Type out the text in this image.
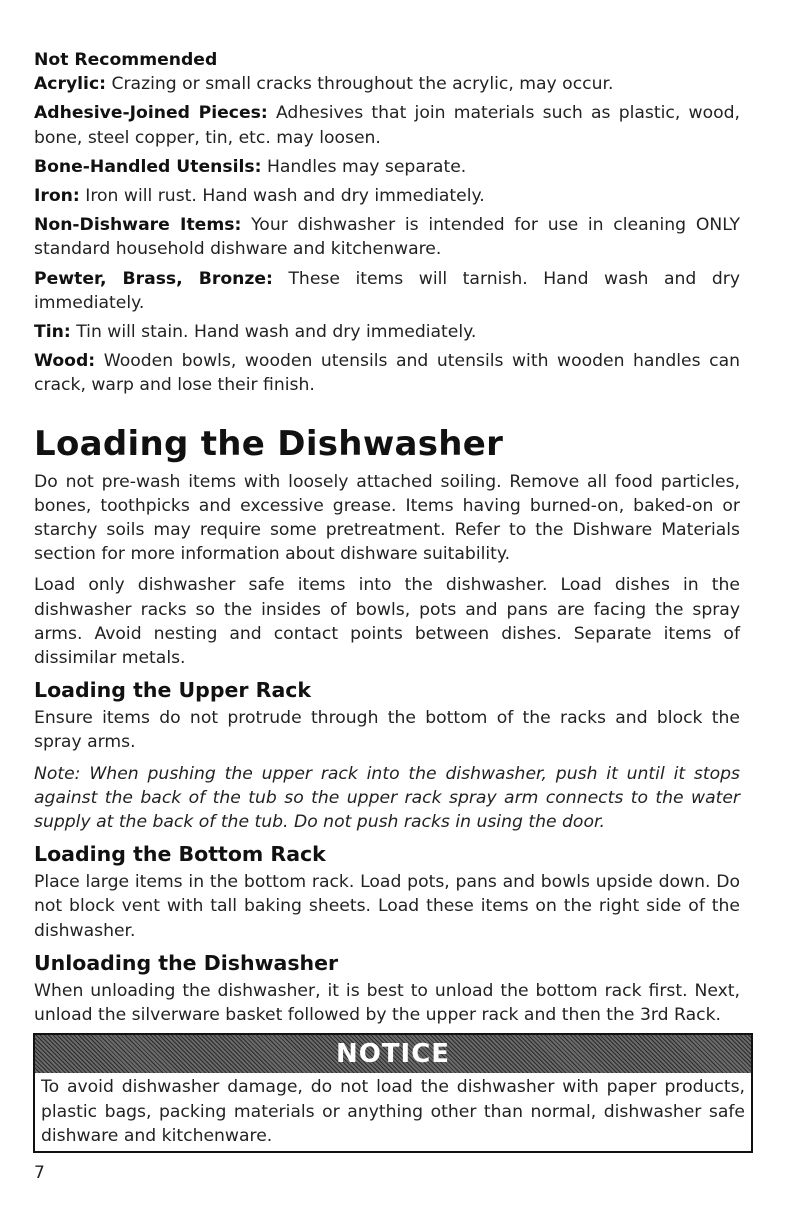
Not Recommended

Acrylic: Crazing or small cracks throughout the acrylic, may occur.

Adhesive-Joined Pieces: Adhesives that join materials such as plastic, wood, bone, steel copper, tin, etc. may loosen.

Bone-Handled Utensils: Handles may separate.

Iron: Iron will rust. Hand wash and dry immediately.

Non-Dishware Items: Your dishwasher is intended for use in cleaning ONLY standard household dishware and kitchenware.

Pewter, Brass, Bronze: These items will tarnish. Hand wash and dry immediately.

Tin: Tin will stain. Hand wash and dry immediately.

Wood: Wooden bowls, wooden utensils and utensils with wooden handles can crack, warp and lose their finish.

Loading the Dishwasher

Do not pre-wash items with loosely attached soiling. Remove all food particles, bones, toothpicks and excessive grease. Items having burned-on, baked-on or starchy soils may require some pretreatment. Refer to the Dishware Materials section for more information about dishware suitability.

Load only dishwasher safe items into the dishwasher. Load dishes in the dishwasher racks so the insides of bowls, pots and pans are facing the spray arms. Avoid nesting and contact points between dishes. Separate items of dissimilar metals.

Loading the Upper Rack

Ensure items do not protrude through the bottom of the racks and block the spray arms.

Note: When pushing the upper rack into the dishwasher, push it until it stops against the back of the tub so the upper rack spray arm connects to the water supply at the back of the tub. Do not push racks in using the door.

Loading the Bottom Rack

Place large items in the bottom rack. Load pots, pans and bowls upside down. Do not block vent with tall baking sheets. Load these items on the right side of the dishwasher.

Unloading the Dishwasher

When unloading the dishwasher, it is best to unload the bottom rack first. Next, unload the silverware basket followed by the upper rack and then the 3rd Rack.

NOTICE

To avoid dishwasher damage, do not load the dishwasher with paper products, plastic bags, packing materials or anything other than normal, dishwasher safe dishware and kitchenware.

7
